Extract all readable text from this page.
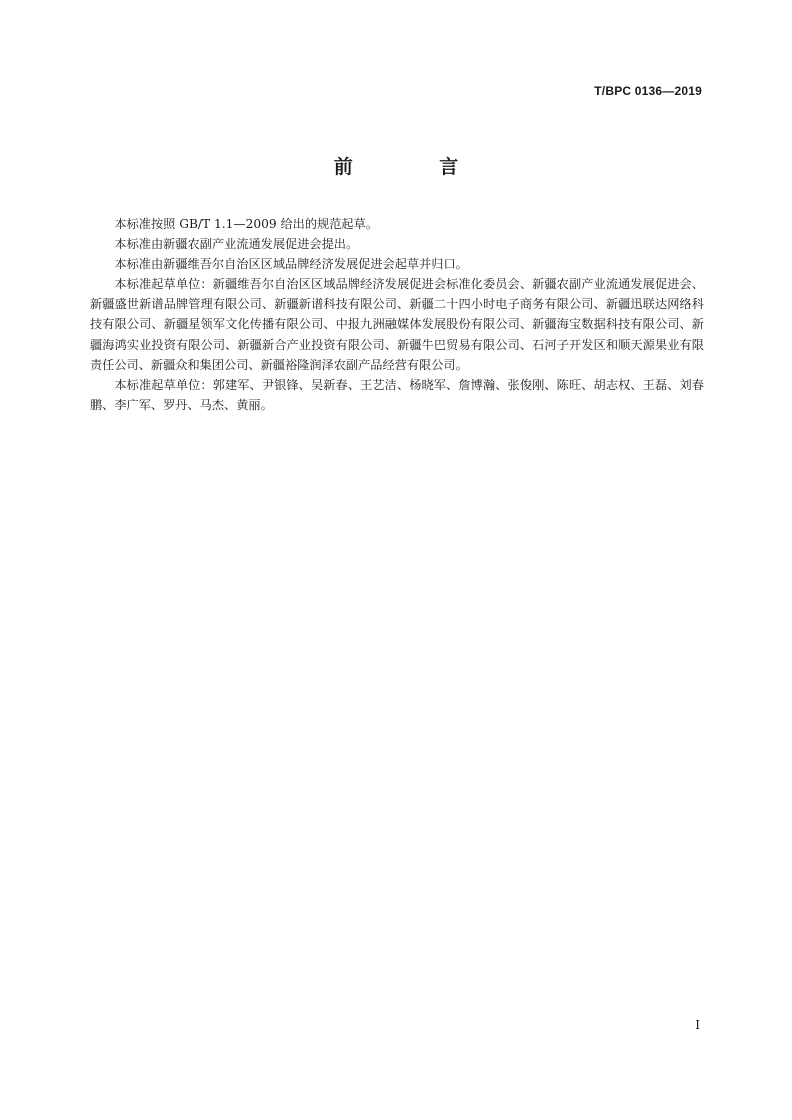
T/BPC 0136—2019
前 言

本标准按照 GB/T 1.1—2009 给出的规范起草。

本标准由新疆农副产业流通发展促进会提出。

本标准由新疆维吾尔自治区区域品牌经济发展促进会起草并归口。

本标准起草单位：新疆维吾尔自治区区域品牌经济发展促进会标准化委员会、新疆农副产业流通发展促进会、新疆盛世新谱品牌管理有限公司、新疆新谱科技有限公司、新疆二十四小时电子商务有限公司、新疆迅联达网络科技有限公司、新疆星领军文化传播有限公司、中报九洲融媒体发展股份有限公司、新疆海宝数据科技有限公司、新疆海鸿实业投资有限公司、新疆新合产业投资有限公司、新疆牛巴贸易有限公司、石河子开发区和顺天源果业有限责任公司、新疆众和集团公司、新疆裕隆润泽农副产品经营有限公司。

本标准起草单位：郭建军、尹银锋、吴新春、王艺洁、杨晓军、詹博瀚、张俊刚、陈旺、胡志权、王磊、刘春鹏、李广军、罗丹、马杰、黄丽。

I
